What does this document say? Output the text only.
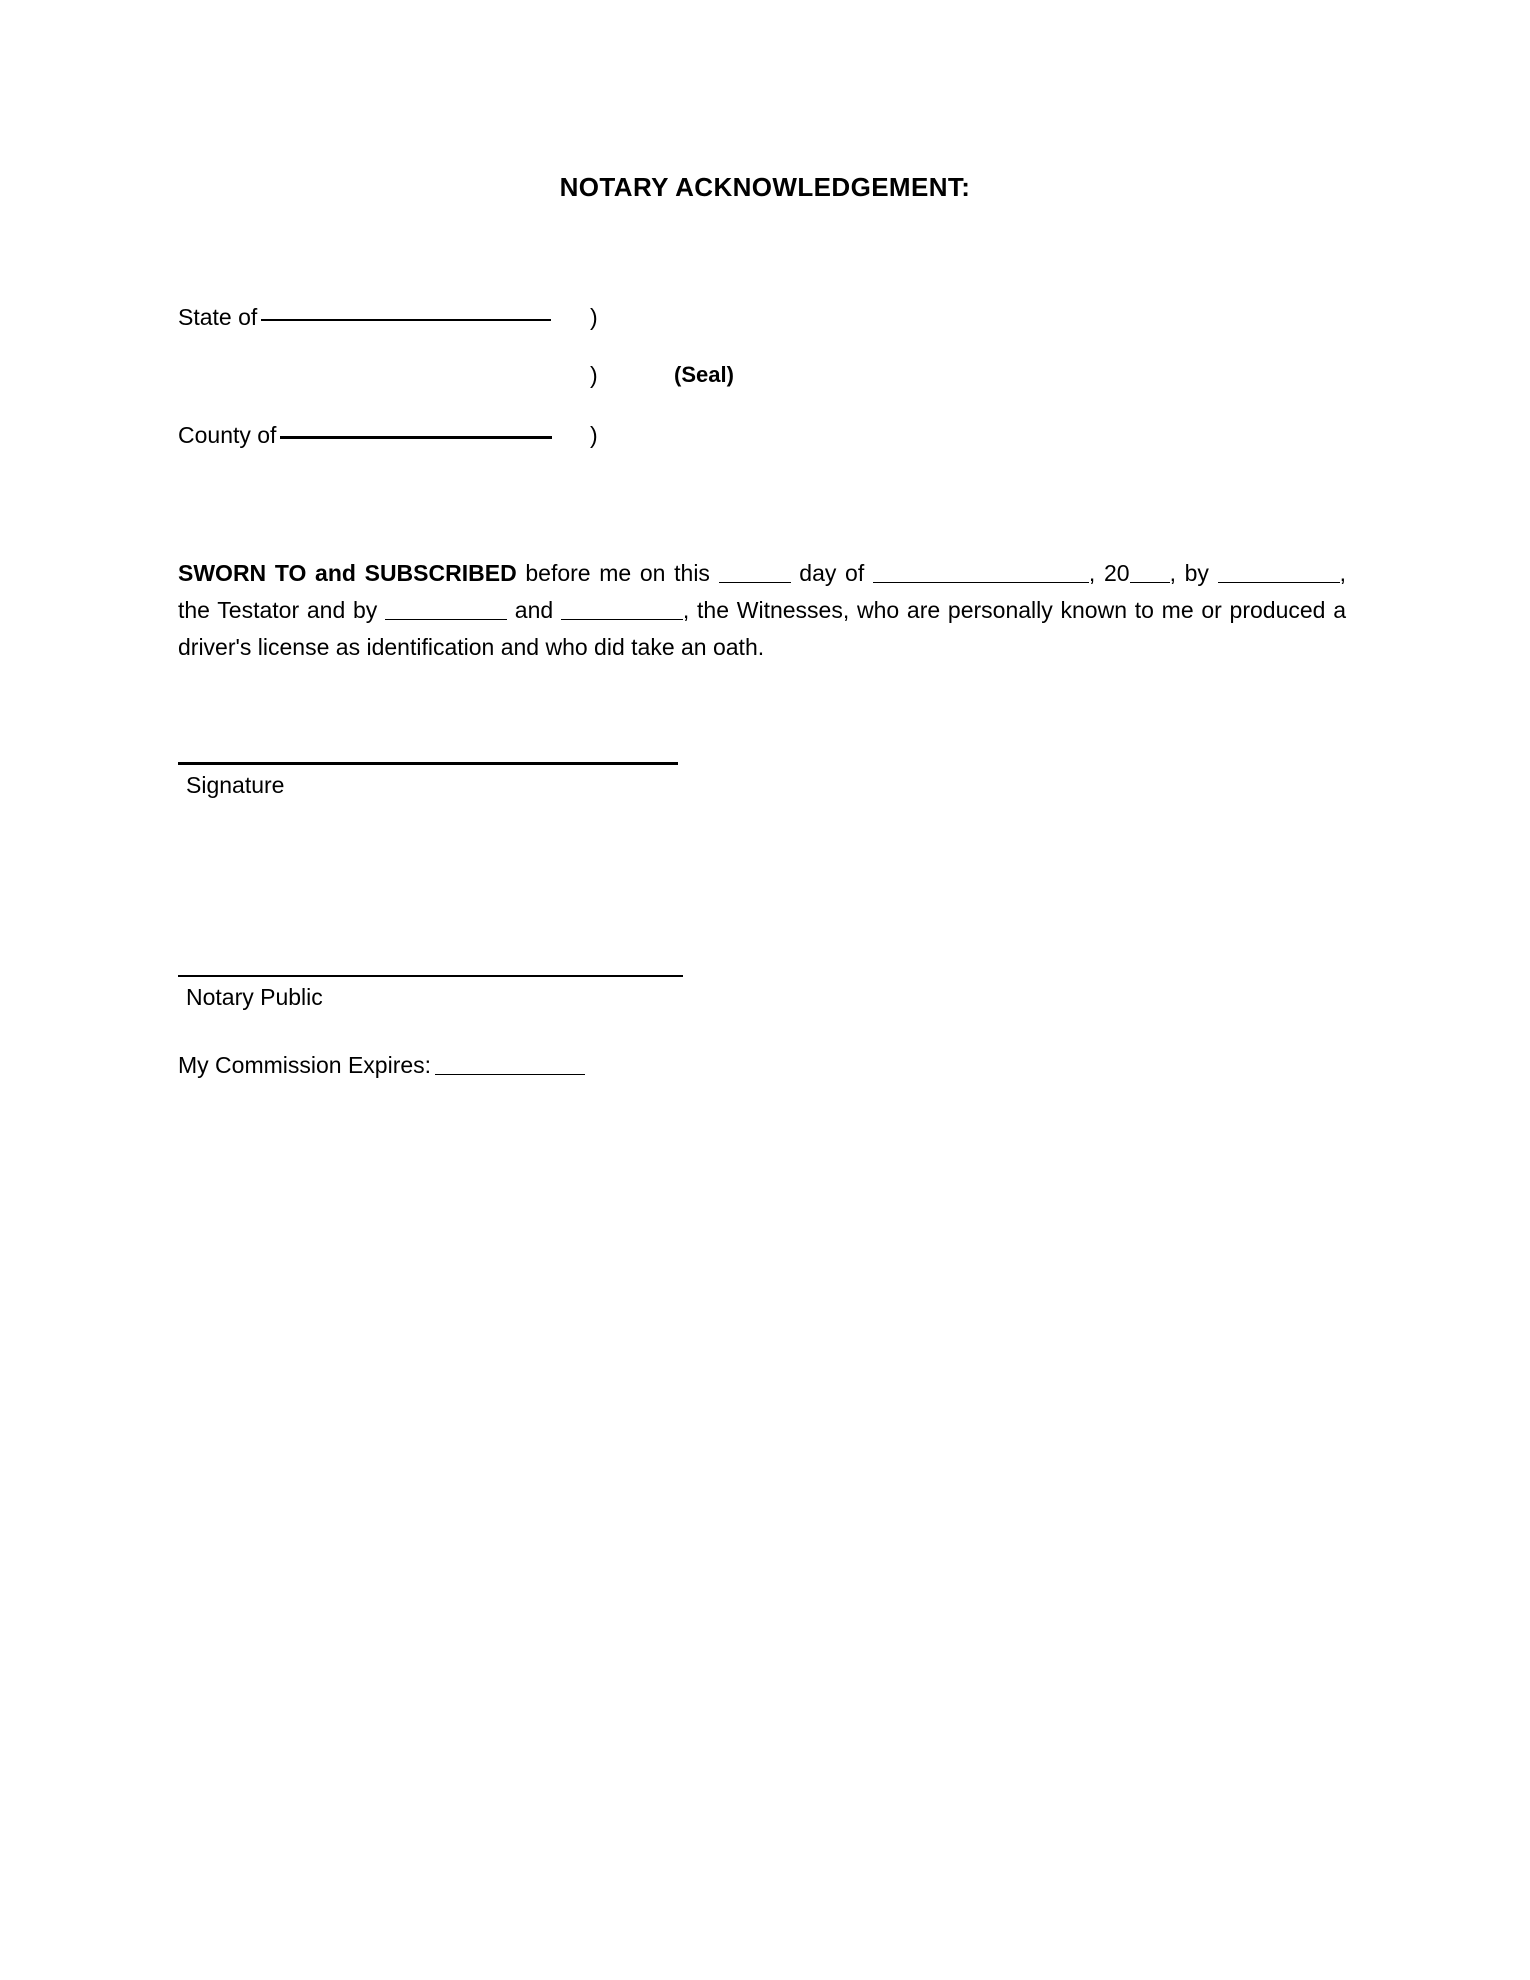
NOTARY ACKNOWLEDGEMENT:
State of	)
)	(Seal)
County of	)
SWORN TO and SUBSCRIBED before me on this	day of	, 20 , by	, the Testator and by	and	, the Witnesses, who are personally known to me or produced a driver's license as identification and who did take an oath.
Signature
Notary Public
My Commission Expires:
